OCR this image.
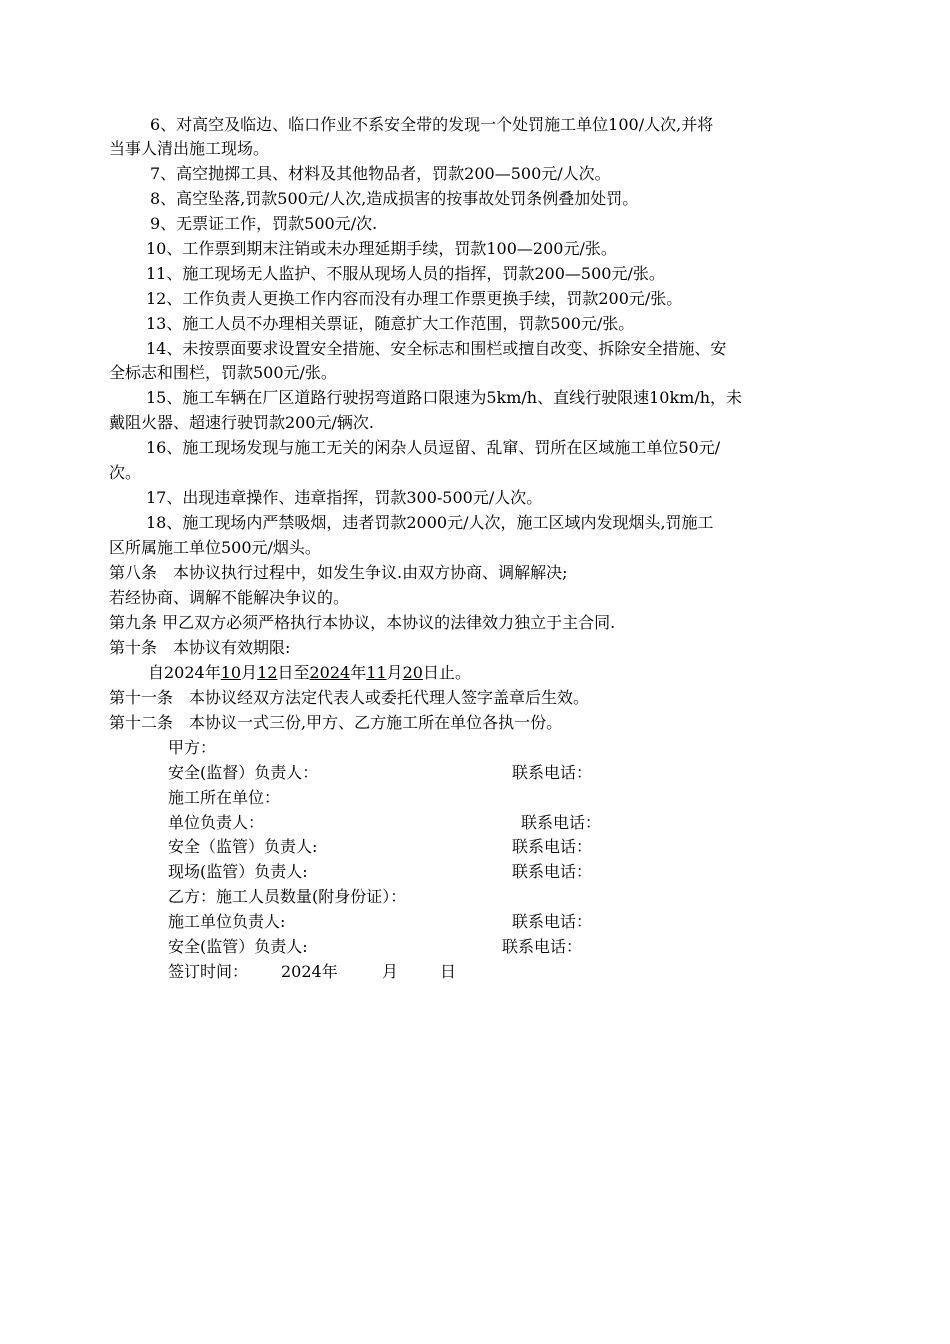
6、对高空及临边、临口作业不系安全带的发现一个处罚施工单位100/人次,并将
当事人清出施工现场。
7、高空抛掷工具、材料及其他物品者，罚款200—500元/人次。
8、高空坠落,罚款500元/人次,造成损害的按事故处罚条例叠加处罚。
9、无票证工作，罚款500元/次.
10、工作票到期末注销或未办理延期手续，罚款100—200元/张。
11、施工现场无人监护、不服从现场人员的指挥，罚款200—500元/张。
12、工作负责人更换工作内容而没有办理工作票更换手续，罚款200元/张。
13、施工人员不办理相关票证，随意扩大工作范围，罚款500元/张。
14、未按票面要求设置安全措施、安全标志和围栏或擅自改变、拆除安全措施、安
全标志和围栏，罚款500元/张。
15、施工车辆在厂区道路行驶拐弯道路口限速为5km/h、直线行驶限速10km/h，未
戴阻火器、超速行驶罚款200元/辆次.
16、施工现场发现与施工无关的闲杂人员逗留、乱窜、罚所在区域施工单位50元/
次。
17、出现违章操作、违章指挥，罚款300-500元/人次。
18、施工现场内严禁吸烟，违者罚款2000元/人次，施工区域内发现烟头,罚施工
区所属施工单位500元/烟头。
第八条　本协议执行过程中，如发生争议.由双方协商、调解解决;
若经协商、调解不能解决争议的。
第九条 甲乙双方必须严格执行本协议，本协议的法律效力独立于主合同.
第十条　本协议有效期限:
自2024年10月12日至2024年11月20日止。
第十一条　本协议经双方法定代表人或委托代理人签字盖章后生效。
第十二条　本协议一式三份,甲方、乙方施工所在单位各执一份。
甲方：
安全(监督）负责人：	联系电话：
施工所在单位：
单位负责人：	联系电话：
安全（监管）负责人:	联系电话：
现场(监管）负责人:	联系电话：
乙方：施工人员数量(附身份证）：
施工单位负责人:	联系电话：
安全(监管）负责人:	联系电话：
签订时间： 2024年	月	日
